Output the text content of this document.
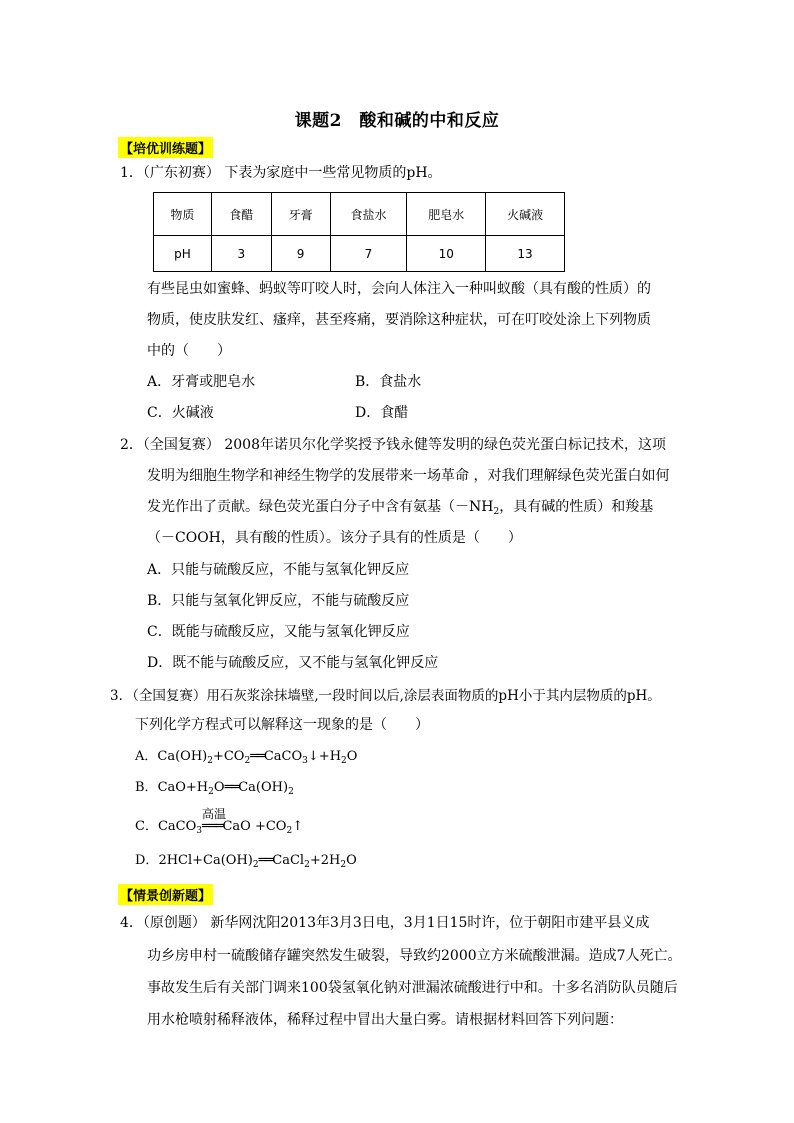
课题2　酸和碱的中和反应
【培优训练题】
1．（广东初赛） 下表为家庭中一些常见物质的pH。
物质	食醋	牙膏	食盐水	肥皂水	火碱液
pH	3	9	7	10	13
有些昆虫如蜜蜂、蚂蚁等叮咬人时，会向人体注入一种叫蚁酸（具有酸的性质）的
物质，使皮肤发红、瘙痒，甚至疼痛，要消除这种症状，可在叮咬处涂上下列物质
中的（　　）
A．牙膏或肥皂水	B．食盐水
C．火碱液	D．食醋
2．（全国复赛） 2008年诺贝尔化学奖授予钱永健等发明的绿色荧光蛋白标记技术，这项
发明为细胞生物学和神经生物学的发展带来一场革命 ，对我们理解绿色荧光蛋白如何
发光作出了贡献。绿色荧光蛋白分子中含有氨基（$-NH_2$，具有碱的性质）和羧基
（－COOH，具有酸的性质）。该分子具有的性质是（　　）
A．只能与硫酸反应，不能与氢氧化钾反应
B．只能与氢氧化钾反应，不能与硫酸反应
C．既能与硫酸反应，又能与氢氧化钾反应
D．既不能与硫酸反应，又不能与氢氧化钾反应
3．（全国复赛）用石灰浆涂抹墙壁,一段时间以后,涂层表面物质的pH小于其内层物质的pH。
下列化学方程式可以解释这一现象的是（　　）
A．$Ca(OH)_2+CO_2══CaCO_3↓+H_2O$
B．$CaO+H_2O══Ca(OH)_2$
C．CaCO$_3$
高温
═══CaO $+CO_2↑$
D．$2HCl+Ca(OH)_2══CaCl_2+2H_2O$
【情景创新题】
4．（原创题） 新华网沈阳2013年3月3日电，3月1日15时许，位于朝阳市建平县义成
功乡房申村一硫酸储存罐突然发生破裂，导致约2000立方米硫酸泄漏。造成7人死亡。
事故发生后有关部门调来100袋氢氧化钠对泄漏浓硫酸进行中和。十多名消防队员随后
用水枪喷射稀释液体，稀释过程中冒出大量白雾。请根据材料回答下列问题：
